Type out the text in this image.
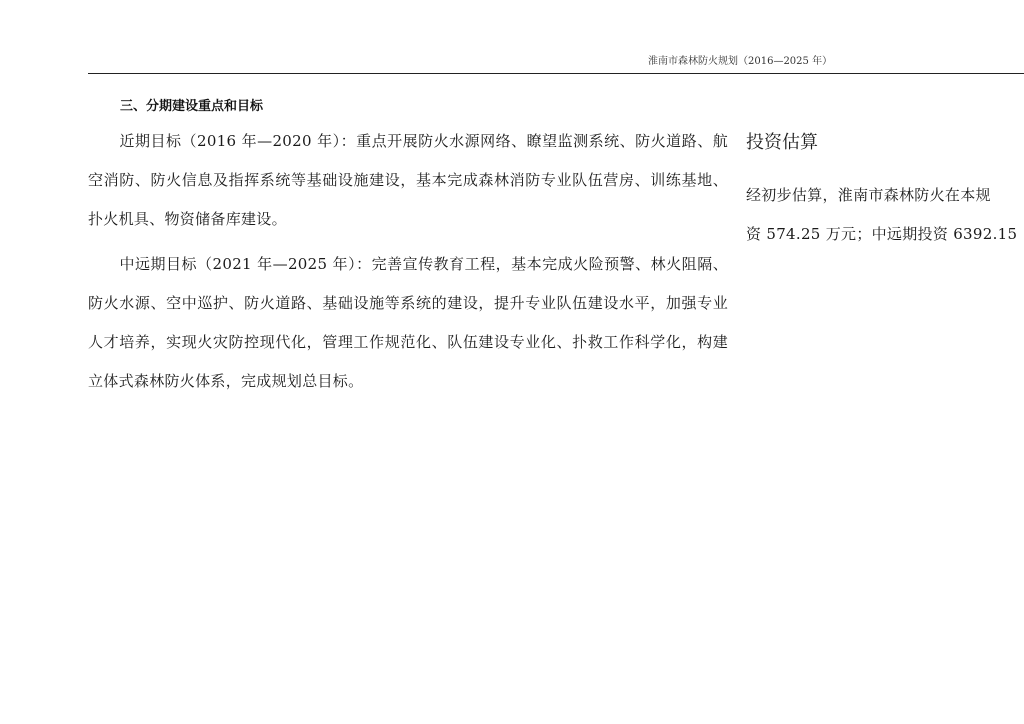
淮南市森林防火规划（2016—2025 年）
三、分期建设重点和目标

近期目标（2016 年—2020 年）：重点开展防火水源网络、瞭望监测系统、防火道路、航空消防、防火信息及指挥系统等基础设施建设，基本完成森林消防专业队伍营房、训练基地、扑火机具、物资储备库建设。

中远期目标（2021 年—2025 年）：完善宣传教育工程，基本完成火险预警、林火阻隔、防火水源、空中巡护、防火道路、基础设施等系统的建设，提升专业队伍建设水平，加强专业人才培养，实现火灾防控现代化，管理工作规范化、队伍建设专业化、扑救工作科学化，构建立体式森林防火体系，完成规划总目标。

投资估算

经初步估算，淮南市森林防火在本规
资 574.25 万元；中远期投资 6392.15
